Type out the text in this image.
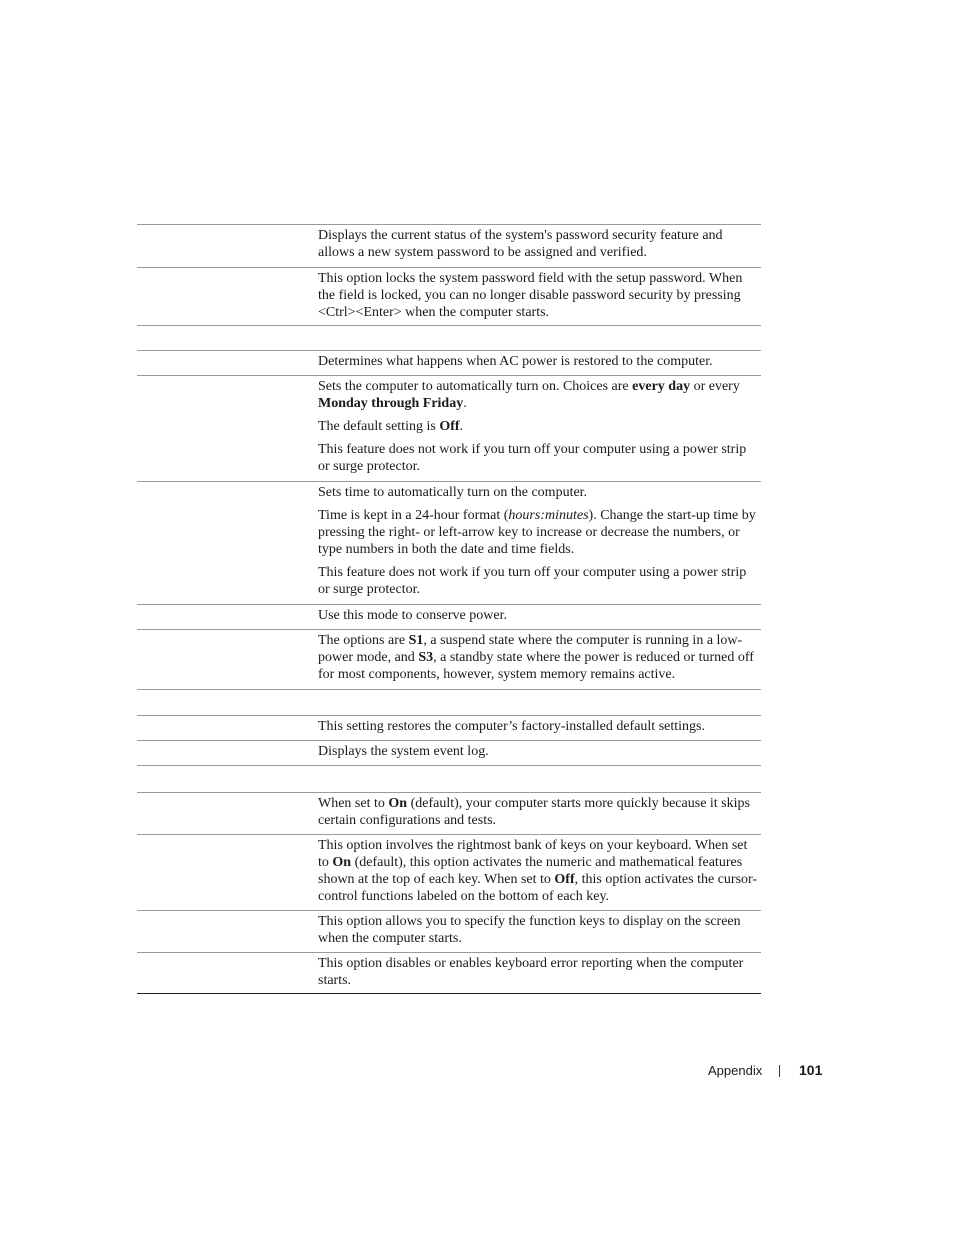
Displays the current status of the system's password security feature and allows a new system password to be assigned and verified.

This option locks the system password field with the setup password. When the field is locked, you can no longer disable password security by pressing <Ctrl><Enter> when the computer starts.

Determines what happens when AC power is restored to the computer.

Sets the computer to automatically turn on. Choices are every day or every Monday through Friday.

The default setting is Off.

This feature does not work if you turn off your computer using a power strip or surge protector.

Sets time to automatically turn on the computer.

Time is kept in a 24-hour format (hours:minutes). Change the start-up time by pressing the right- or left-arrow key to increase or decrease the numbers, or type numbers in both the date and time fields.

This feature does not work if you turn off your computer using a power strip or surge protector.

Use this mode to conserve power.

The options are S1, a suspend state where the computer is running in a low-power mode, and S3, a standby state where the power is reduced or turned off for most components, however, system memory remains active.

This setting restores the computer’s factory-installed default settings.

Displays the system event log.

When set to On (default), your computer starts more quickly because it skips certain configurations and tests.

This option involves the rightmost bank of keys on your keyboard. When set to On (default), this option activates the numeric and mathematical features shown at the top of each key. When set to Off, this option activates the cursor-control functions labeled on the bottom of each key.

This option allows you to specify the function keys to display on the screen when the computer starts.

This option disables or enables keyboard error reporting when the computer starts.

Appendix	101
